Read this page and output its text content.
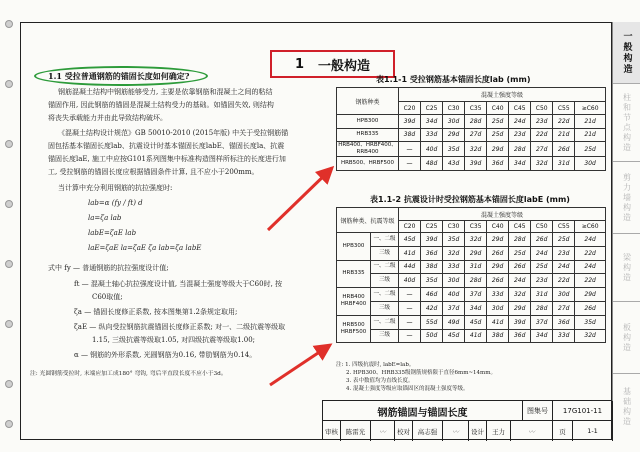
一般构造
柱和节点构造
剪力墙构造
梁构造
板构造
基础构造
1 一般构造
1.1 受拉普通钢筋的锚固长度如何确定?
钢筋混凝土结构中钢筋能够受力, 主要是依靠钢筋和混凝土之间的粘结
锚固作用, 因此钢筋的锚固是混凝土结构受力的基础。如锚固失效, 则结构
将丧失承载能力并由此导致结构破坏。
《混凝土结构设计规范》GB 50010-2010 (2015年版) 中关于受拉钢筋锚
固包括基本锚固长度lab、抗震设计时基本锚固长度labE、锚固长度la、抗震
锚固长度laE, 施工中应按G101系列图集中标准构造图样所标注的长度进行加
工, 受拉钢筋的锚固长度应根据锚固条件计算, 且不应小于200mm。
当计算中充分利用钢筋的抗拉强度时:
lab=α (fy / ft) d
la=ζa lab
labE=ζaE lab
laE=ζaE la=ζaE ζa lab=ζa labE
式中 fy — 普通钢筋的抗拉强度设计值;
ft — 混凝土轴心抗拉强度设计值, 当混凝土强度等级大于C60时, 按
C60取值;
ζa — 锚固长度修正系数, 按本图集第1.2条规定取用;
ζaE — 纵向受拉钢筋抗震锚固长度修正系数; 对一、二级抗震等级取
1.15, 三级抗震等级取1.05, 对四级抗震等级取1.00;
α — 钢筋的外形系数, 光圆钢筋为0.16, 带肋钢筋为0.14。
注: 光圆钢筋受拉时, 末端应加工成180° 弯钩, 弯后平直段长度不应小于3d。
表1.1-1 受拉钢筋基本锚固长度lab (mm)
钢筋种类	混凝土强度等级								
	C20	C25	C30	C35	C40	C45	C50	C55	≥C60
HPB300	39d	34d	30d	28d	25d	24d	23d	22d	21d
HRB335	38d	33d	29d	27d	25d	23d	22d	21d	21d
HRB400、HRBF400、RRB400	—	40d	35d	32d	29d	28d	27d	26d	25d
HRB500、HRBF500	—	48d	43d	39d	36d	34d	32d	31d	30d
表1.1-2 抗震设计时受拉钢筋基本锚固长度labE (mm)
钢筋种类、抗震等级		混凝土强度等级								
		C20	C25	C30	C35	C40	C45	C50	C55	≥C60
HPB300	一、二级	45d	39d	35d	32d	29d	28d	26d	25d	24d
	三级	41d	36d	32d	29d	26d	25d	24d	23d	22d
HRB335	一、二级	44d	38d	33d	31d	29d	26d	25d	24d	24d
	三级	40d	35d	30d	28d	26d	24d	23d	22d	22d
HRB400 HRBF400	一、二级	—	46d	40d	37d	33d	32d	31d	30d	29d
	三级	—	42d	37d	34d	30d	29d	28d	27d	26d
HRB500 HRBF500	一、二级	—	55d	49d	45d	41d	39d	37d	36d	35d
	三级	—	50d	45d	41d	38d	36d	34d	33d	32d
注: 1. 四级抗震时, labE=lab。
2. HPB300、HRB335级钢筋规格限于直径6mm~14mm。
3. 表中数值均为直线长度。
4. 混凝土强度等级应取锚固区的混凝土强度等级。
钢筋锚固与锚固长度	图集号	17G101-11
审核	陈雷光	〰	校对	高志强	〰	设计	王力	〰	页	1-1
